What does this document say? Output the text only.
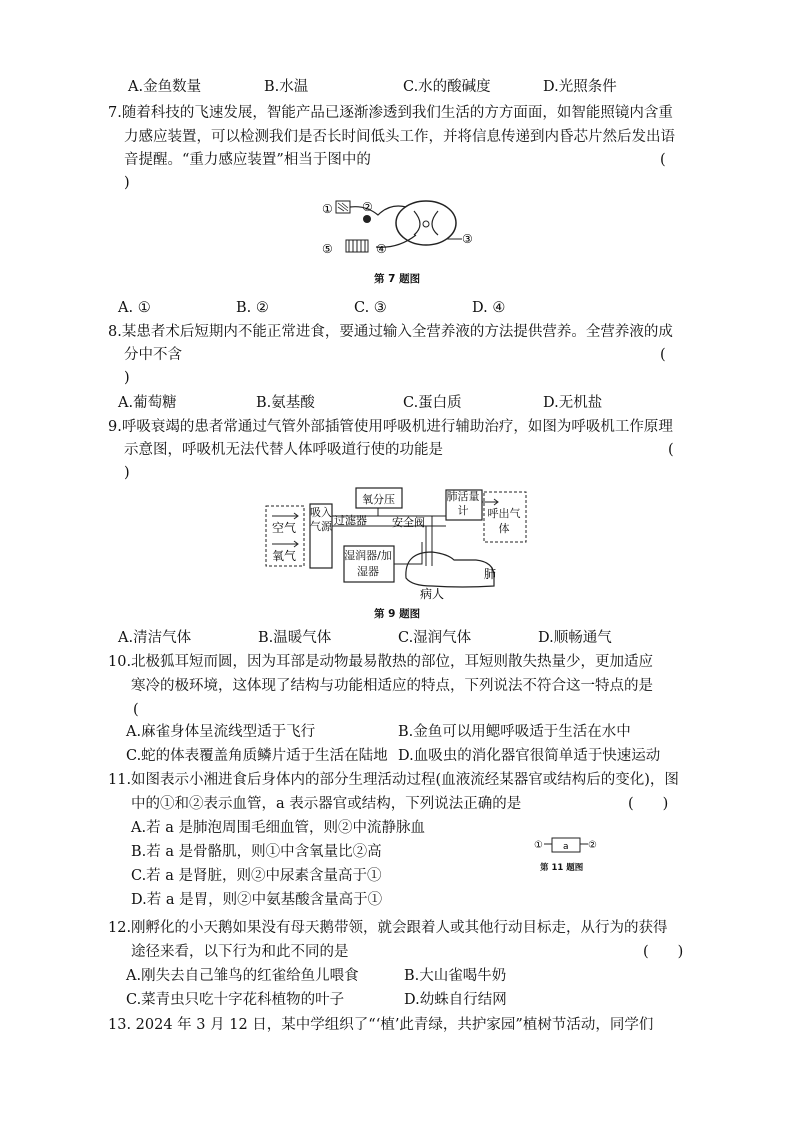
A.金鱼数量	B.水温	C.水的酸碱度	D.光照条件
7.随着科技的飞速发展，智能产品已逐渐渗透到我们生活的方方面面，如智能照镜内含重
力感应装置，可以检测我们是否长时间低头工作，并将信息传递到内昏芯片然后发出语
音提醒。“重力感应装置”相当于图中的	(
)
① ②
③
④
⑤
第 7 题图
A. ①	B. ②	C. ③	D. ④
8.某患者术后短期内不能正常进食，要通过输入全营养液的方法提供营养。全营养液的成
分中不含	(
)
A.葡萄糖	B.氨基酸	C.蛋白质	D.无机盐
9.呼吸衰竭的患者常通过气管外部插管使用呼吸机进行辅助治疗，如图为呼吸机工作原理
示意图，呼吸机无法代替人体呼吸道行使的功能是	(
)
空气
氧气
吸入气源 过滤器
氧分压
安全阀
湿润器/加湿器
肺活量计	呼出气体
肺
病人
第 9 题图
A.清洁气体	B.温暖气体	C.湿润气体	D.顺畅通气
10.北极狐耳短而圆，因为耳部是动物最易散热的部位，耳短则散失热量少，更加适应
寒冷的极环境，这体现了结构与功能相适应的特点，下列说法不符合这一特点的是
(
A.麻雀身体呈流线型适于飞行	B.金鱼可以用鳃呼吸适于生活在水中
C.蛇的体表覆盖角质鳞片适于生活在陆地 D.血吸虫的消化器官很简单适于快速运动
11.如图表示小湘进食后身体内的部分生理活动过程(血液流经某器官或结构后的变化)，图
中的①和②表示血管，a 表示器官或结构，下列说法正确的是	(　　)
A.若 a 是肺泡周围毛细血管，则②中流静脉血
B.若 a 是骨骼肌，则①中含氧量比②高
C.若 a 是肾脏，则②中尿素含量高于①
D.若 a 是胃，则②中氨基酸含量高于①
① a ②
第 11 题图
12.刚孵化的小天鹅如果没有母天鹅带领，就会跟着人或其他行动目标走，从行为的获得
途径来看，以下行为和此不同的是	(　　)
A.刚失去自己雏鸟的红雀给鱼儿喂食	B.大山雀喝牛奶
C.菜青虫只吃十字花科植物的叶子	D.幼蛛自行结网
13. 2024 年 3 月 12 日，某中学组织了“‘植’此青绿，共护家园”植树节活动，同学们
